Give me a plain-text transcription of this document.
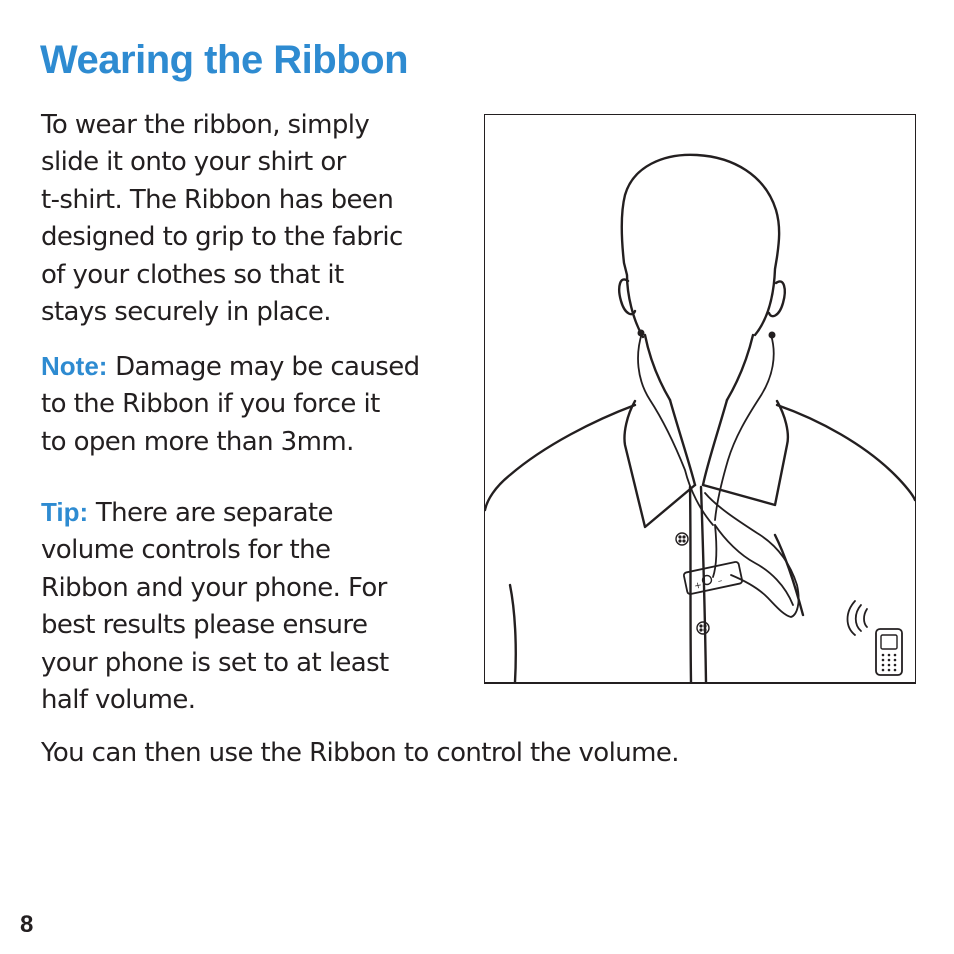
Wearing the Ribbon

To wear the ribbon, simply
slide it onto your shirt or
t-shirt. The Ribbon has been
designed to grip to the fabric
of your clothes so that it
stays securely in place.

Note: Damage may be caused
to the Ribbon if you force it
to open more than 3mm.

Tip: There are separate
volume controls for the
Ribbon and your phone. For
best results please ensure
your phone is set to at least
half volume.

You can then use the Ribbon to control the volume.

+ –

8
